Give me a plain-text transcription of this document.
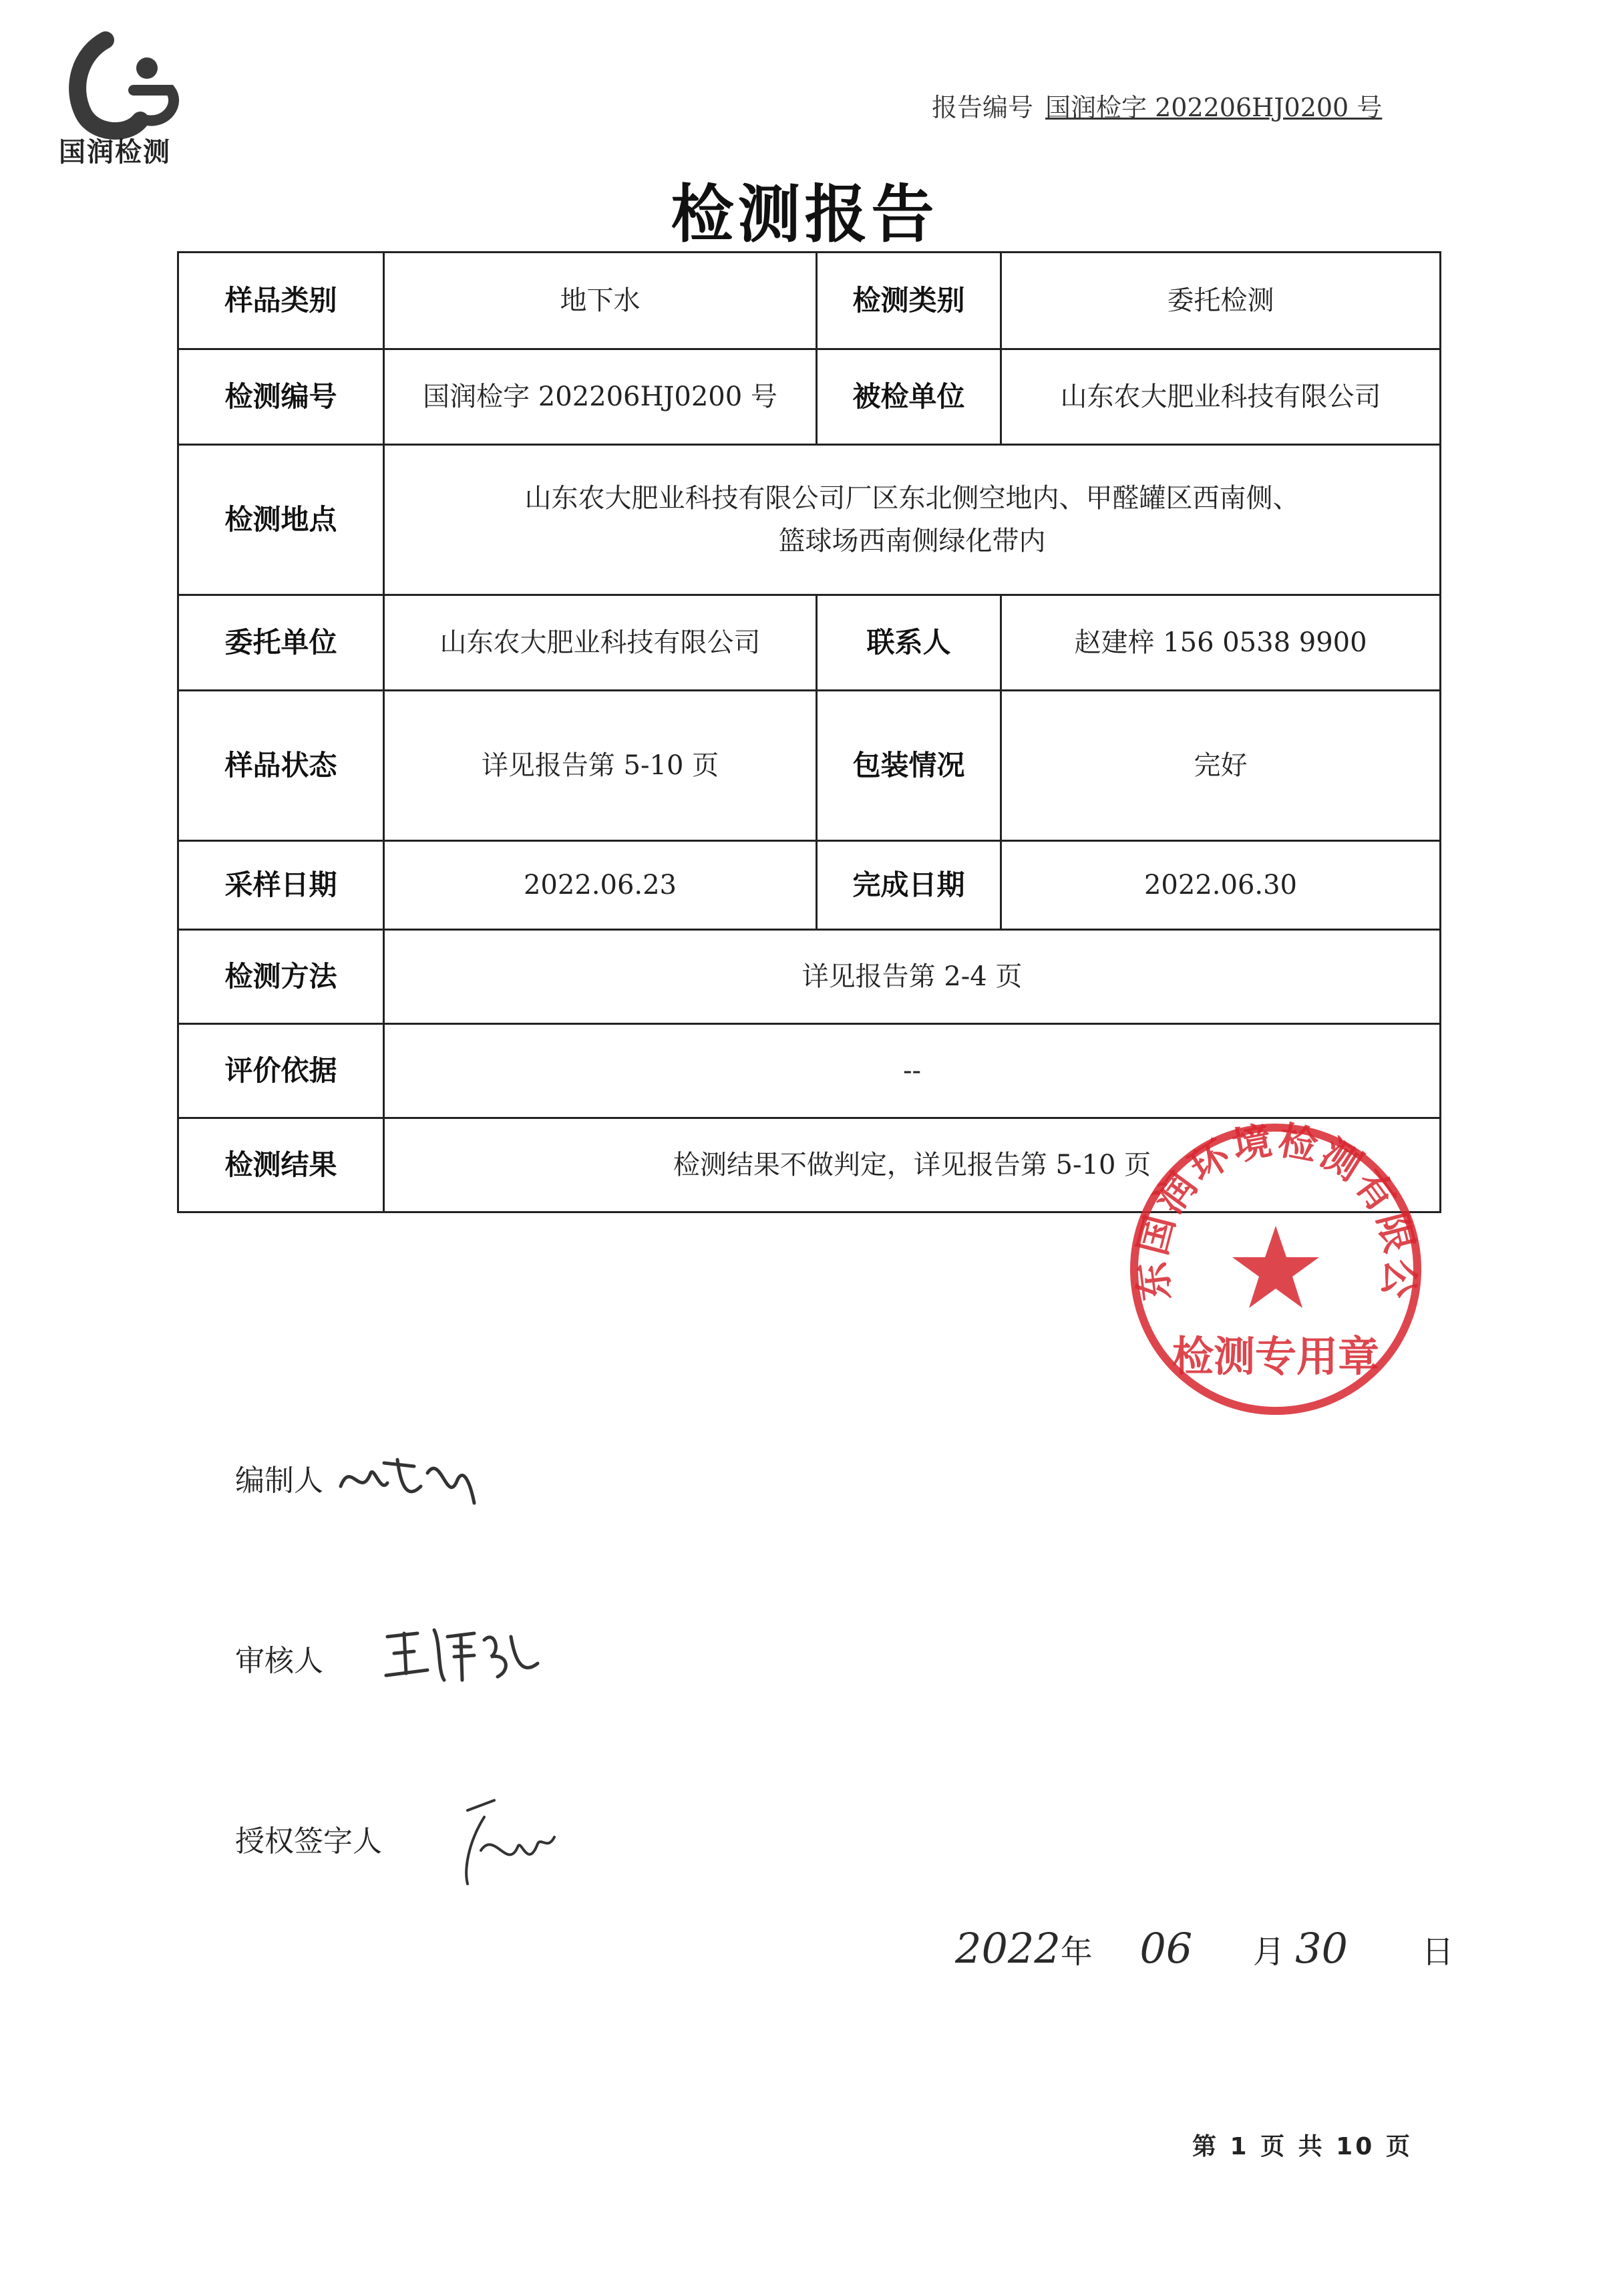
国润检测
报告编号 国润检字 202206HJ0200 号
检测报告
样品类别	地下水	检测类别	委托检测
检测编号	国润检字 202206HJ0200 号	被检单位	山东农大肥业科技有限公司
检测地点	山东农大肥业科技有限公司厂区东北侧空地内、甲醛罐区西南侧、
篮球场西南侧绿化带内		

委托单位	山东农大肥业科技有限公司	联系人	赵建梓 156 0538 9900
样品状态	详见报告第 5-10 页	包装情况	完好
采样日期	2022.06.23	完成日期	2022.06.30
检测方法	详见报告第 2-4 页		
评价依据	--		
检测结果	检测结果不做判定，详见报告第 5-10 页		
东国润环境检测有限公
检测专用章
编制人
审核人
授权签字人
2022年 06 月 30 日
第 1 页 共 10 页
